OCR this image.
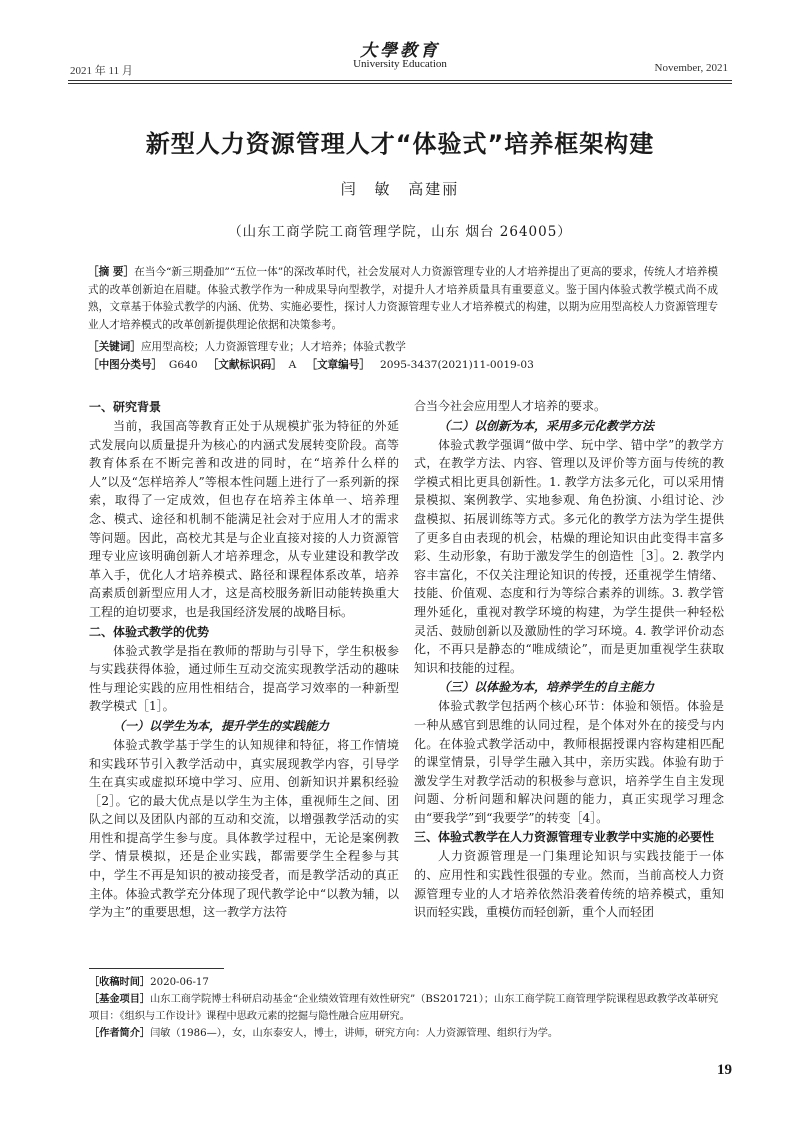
2021 年 11 月
大學教育
University Education	November, 2021
新型人力资源管理人才“体验式”培养框架构建
闫 敏 高建丽
（山东工商学院工商管理学院，山东 烟台 264005）
［摘 要］在当今“新三期叠加”“五位一体”的深改革时代，社会发展对人力资源管理专业的人才培养提出了更高的要求，传统人才培养模式的改革创新迫在眉睫。体验式教学作为一种成果导向型教学，对提升人才培养质量具有重要意义。鉴于国内体验式教学模式尚不成熟，文章基于体验式教学的内涵、优势、实施必要性，探讨人力资源管理专业人才培养模式的构建，以期为应用型高校人力资源管理专业人才培养模式的改革创新提供理论依据和决策参考。
［关键词］应用型高校；人力资源管理专业；人才培养；体验式教学
［中图分类号］ G640 ［文献标识码］ A ［文章编号］ 2095-3437(2021)11-0019-03
一、研究背景

当前，我国高等教育正处于从规模扩张为特征的外延式发展向以质量提升为核心的内涵式发展转变阶段。高等教育体系在不断完善和改进的同时，在“培养什么样的人”以及“怎样培养人”等根本性问题上进行了一系列新的探索，取得了一定成效，但也存在培养主体单一、培养理念、模式、途径和机制不能满足社会对于应用人才的需求等问题。因此，高校尤其是与企业直接对接的人力资源管理专业应该明确创新人才培养理念，从专业建设和教学改革入手，优化人才培养模式、路径和课程体系改革，培养高素质创新型应用人才，这是高校服务新旧动能转换重大工程的迫切要求，也是我国经济发展的战略目标。

二、体验式教学的优势

体验式教学是指在教师的帮助与引导下，学生积极参与实践获得体验，通过师生互动交流实现教学活动的趣味性与理论实践的应用性相结合，提高学习效率的一种新型教学模式［1］。

（一）以学生为本，提升学生的实践能力

体验式教学基于学生的认知规律和特征，将工作情境和实践环节引入教学活动中，真实展现教学内容，引导学生在真实或虚拟环境中学习、应用、创新知识并累积经验［2］。它的最大优点是以学生为主体，重视师生之间、团队之间以及团队内部的互动和交流，以增强教学活动的实用性和提高学生参与度。具体教学过程中，无论是案例教学、情景模拟，还是企业实践，都需要学生全程参与其中，学生不再是知识的被动接受者，而是教学活动的真正主体。体验式教学充分体现了现代教学论中“以教为辅，以学为主”的重要思想，这一教学方法符

合当今社会应用型人才培养的要求。

（二）以创新为本，采用多元化教学方法

体验式教学强调“做中学、玩中学、错中学”的教学方式，在教学方法、内容、管理以及评价等方面与传统的教学模式相比更具创新性。1. 教学方法多元化，可以采用情景模拟、案例教学、实地参观、角色扮演、小组讨论、沙盘模拟、拓展训练等方式。多元化的教学方法为学生提供了更多自由表现的机会，枯燥的理论知识由此变得丰富多彩、生动形象，有助于激发学生的创造性［3］。2. 教学内容丰富化，不仅关注理论知识的传授，还重视学生情绪、技能、价值观、态度和行为等综合素养的训练。3. 教学管理外延化，重视对教学环境的构建，为学生提供一种轻松灵活、鼓励创新以及激励性的学习环境。4. 教学评价动态化，不再只是静态的“唯成绩论”，而是更加重视学生获取知识和技能的过程。

（三）以体验为本，培养学生的自主能力

体验式教学包括两个核心环节：体验和领悟。体验是一种从感官到思维的认同过程，是个体对外在的接受与内化。在体验式教学活动中，教师根据授课内容构建相匹配的课堂情景，引导学生融入其中，亲历实践。体验有助于激发学生对教学活动的积极参与意识，培养学生自主发现问题、分析问题和解决问题的能力，真正实现学习理念由“要我学”到“我要学”的转变［4］。

三、体验式教学在人力资源管理专业教学中实施的必要性

人力资源管理是一门集理论知识与实践技能于一体的、应用性和实践性很强的专业。然而，当前高校人力资源管理专业的人才培养依然沿袭着传统的培养模式，重知识而轻实践，重模仿而轻创新，重个人而轻团

［收稿时间］2020-06-17

［基金项目］山东工商学院博士科研启动基金“企业绩效管理有效性研究”（BS201721）；山东工商学院工商管理学院课程思政教学改革研究项目：《组织与工作设计》课程中思政元素的挖掘与隐性融合应用研究。

［作者简介］闫敏（1986—），女，山东泰安人，博士，讲师，研究方向：人力资源管理、组织行为学。

19
